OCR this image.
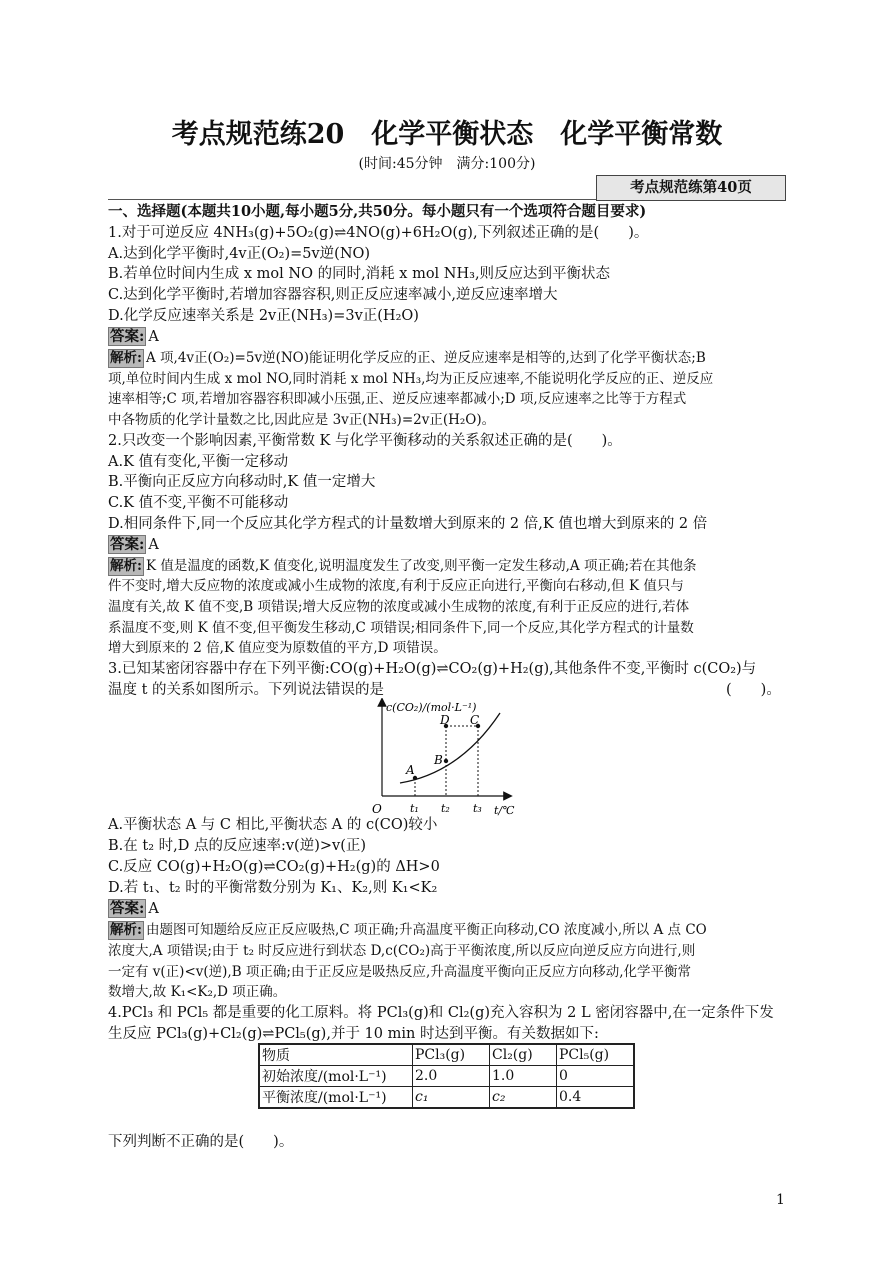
考点规范练20　化学平衡状态　化学平衡常数
(时间:45分钟　满分:100分)
考点规范练第40页
一、选择题(本题共10小题,每小题5分,共50分。每小题只有一个选项符合题目要求)
1.对于可逆反应 4NH₃(g)+5O₂(g)⇌4NO(g)+6H₂O(g),下列叙述正确的是(　　)。
A.达到化学平衡时,4v正(O₂)=5v逆(NO)
B.若单位时间内生成 x mol NO 的同时,消耗 x mol NH₃,则反应达到平衡状态
C.达到化学平衡时,若增加容器容积,则正反应速率减小,逆反应速率增大
D.化学反应速率关系是 2v正(NH₃)=3v正(H₂O)
答案: A
解析: A 项,4v正(O₂)=5v逆(NO)能证明化学反应的正、逆反应速率是相等的,达到了化学平衡状态;B
项,单位时间内生成 x mol NO,同时消耗 x mol NH₃,均为正反应速率,不能说明化学反应的正、逆反应
速率相等;C 项,若增加容器容积即减小压强,正、逆反应速率都减小;D 项,反应速率之比等于方程式
中各物质的化学计量数之比,因此应是 3v正(NH₃)=2v正(H₂O)。
2.只改变一个影响因素,平衡常数 K 与化学平衡移动的关系叙述正确的是(　　)。
A.K 值有变化,平衡一定移动
B.平衡向正反应方向移动时,K 值一定增大
C.K 值不变,平衡不可能移动
D.相同条件下,同一个反应其化学方程式的计量数增大到原来的 2 倍,K 值也增大到原来的 2 倍
答案: A
解析: K 值是温度的函数,K 值变化,说明温度发生了改变,则平衡一定发生移动,A 项正确;若在其他条
件不变时,增大反应物的浓度或减小生成物的浓度,有利于反应正向进行,平衡向右移动,但 K 值只与
温度有关,故 K 值不变,B 项错误;增大反应物的浓度或减小生成物的浓度,有利于正反应的进行,若体
系温度不变,则 K 值不变,但平衡发生移动,C 项错误;相同条件下,同一个反应,其化学方程式的计量数
增大到原来的 2 倍,K 值应变为原数值的平方,D 项错误。
3.已知某密闭容器中存在下列平衡:CO(g)+H₂O(g)⇌CO₂(g)+H₂(g),其他条件不变,平衡时 c(CO₂)与
温度 t 的关系如图所示。下列说法错误的是	(　　)。
c(CO₂)/(mol·L⁻¹)
t/℃
O
A
B
C
D
t₁ t₂ t₃
A.平衡状态 A 与 C 相比,平衡状态 A 的 c(CO)较小
B.在 t₂ 时,D 点的反应速率:v(逆)>v(正)
C.反应 CO(g)+H₂O(g)⇌CO₂(g)+H₂(g)的 ΔH>0
D.若 t₁、t₂ 时的平衡常数分别为 K₁、K₂,则 K₁<K₂
答案: A
解析: 由题图可知题给反应正反应吸热,C 项正确;升高温度平衡正向移动,CO 浓度减小,所以 A 点 CO
浓度大,A 项错误;由于 t₂ 时反应进行到状态 D,c(CO₂)高于平衡浓度,所以反应向逆反应方向进行,则
一定有 v(正)<v(逆),B 项正确;由于正反应是吸热反应,升高温度平衡向正反应方向移动,化学平衡常
数增大,故 K₁<K₂,D 项正确。
4.PCl₃ 和 PCl₅ 都是重要的化工原料。将 PCl₃(g)和 Cl₂(g)充入容积为 2 L 密闭容器中,在一定条件下发
生反应 PCl₃(g)+Cl₂(g)⇌PCl₅(g),并于 10 min 时达到平衡。有关数据如下:
物质	PCl₃(g)	Cl₂(g)	PCl₅(g)
初始浓度/(mol·L⁻¹)	2.0	1.0	0
平衡浓度/(mol·L⁻¹)	c₁	c₂	0.4
下列判断不正确的是(　　)。
1
